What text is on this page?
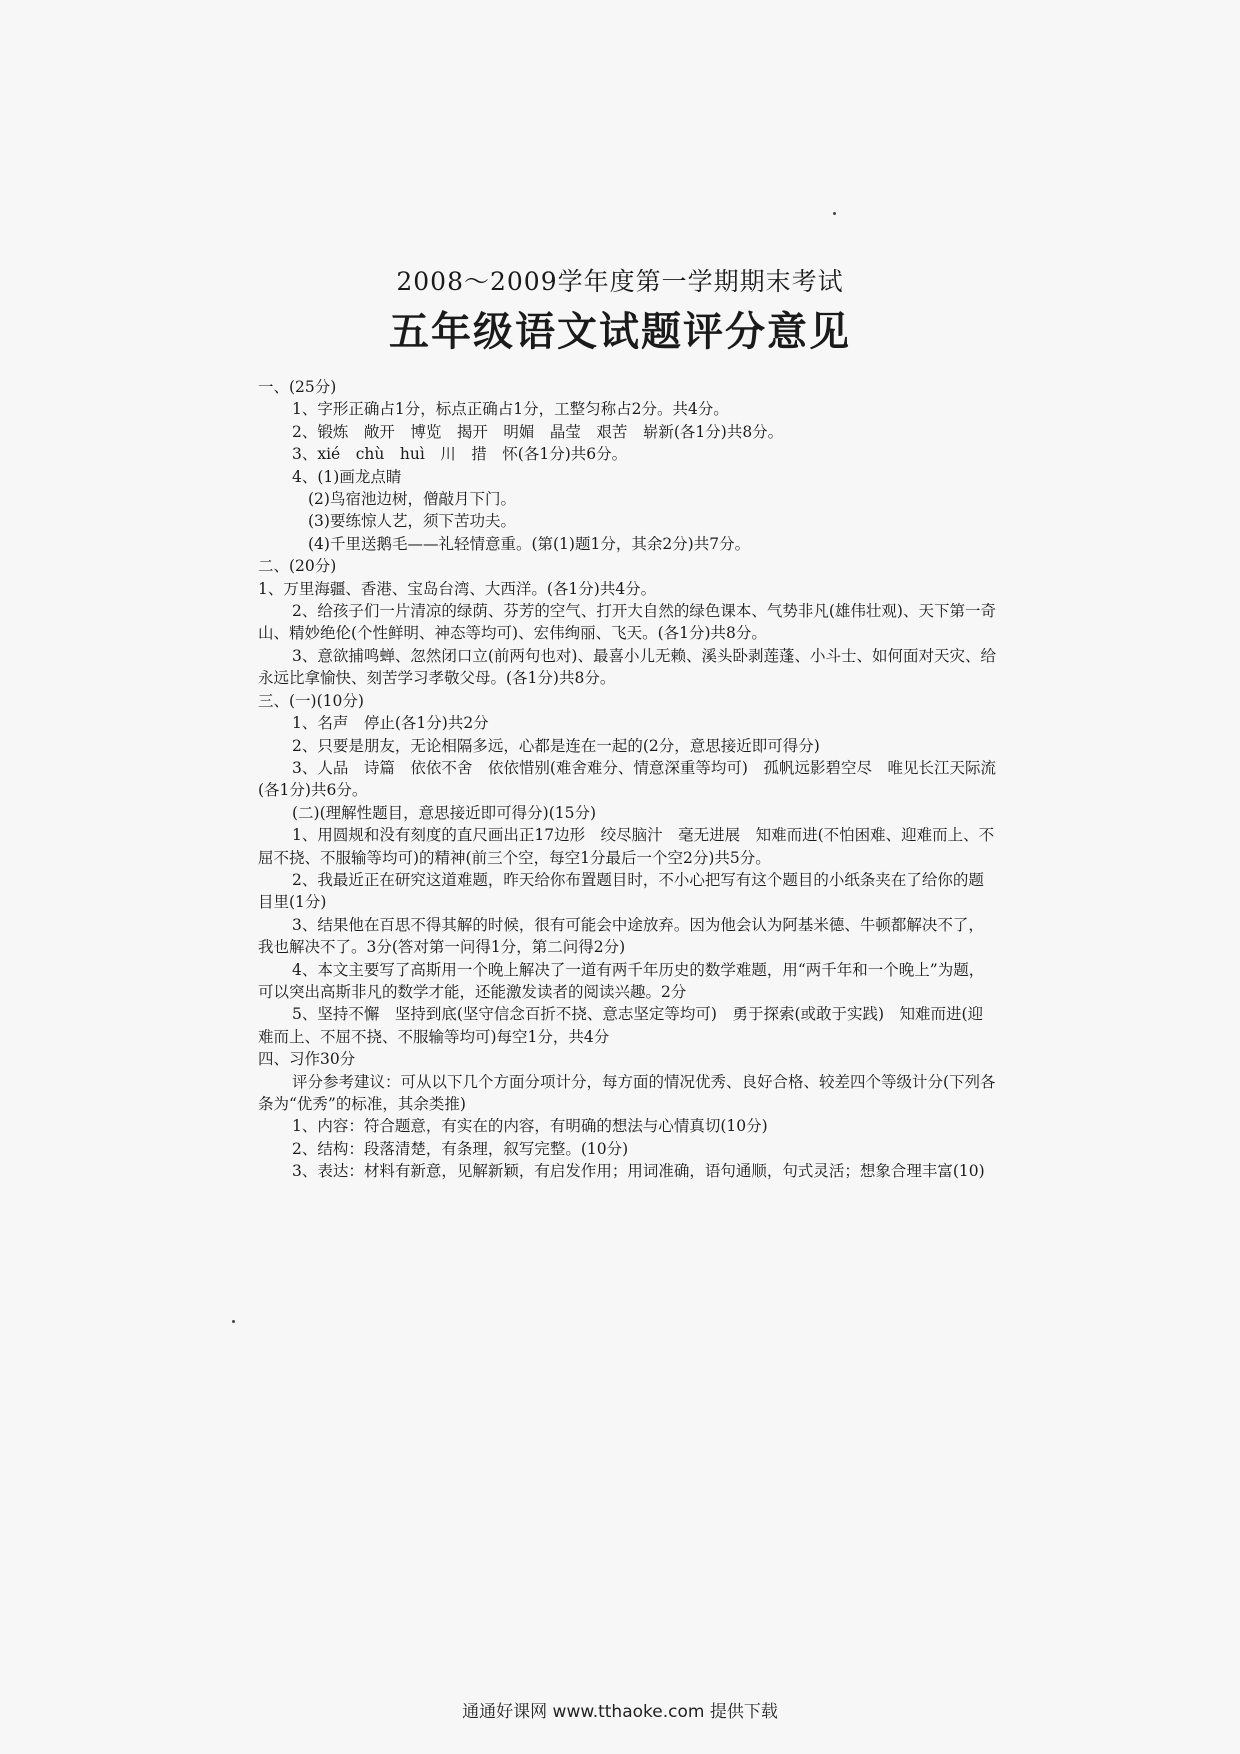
2008～2009学年度第一学期期末考试
五年级语文试题评分意见

一、(25分)

1、字形正确占1分，标点正确占1分，工整匀称占2分。共4分。

2、锻炼　敞开　博览　揭开　明媚　晶莹　艰苦　崭新(各1分)共8分。

3、xié　chù　huì　川　措　怀(各1分)共6分。

4、(1)画龙点睛

(2)鸟宿池边树，僧敲月下门。

(3)要练惊人艺，须下苦功夫。

(4)千里送鹅毛——礼轻情意重。(第(1)题1分，其余2分)共7分。

二、(20分)

1、万里海疆、香港、宝岛台湾、大西洋。(各1分)共4分。

2、给孩子们一片清凉的绿荫、芬芳的空气、打开大自然的绿色课本、气势非凡(雄伟壮观)、天下第一奇山、精妙绝伦(个性鲜明、神态等均可)、宏伟绚丽、飞天。(各1分)共8分。

3、意欲捕鸣蝉、忽然闭口立(前两句也对)、最喜小儿无赖、溪头卧剥莲蓬、小斗士、如何面对天灾、给永远比拿愉快、刻苦学习孝敬父母。(各1分)共8分。

三、(一)(10分)

1、名声　停止(各1分)共2分

2、只要是朋友，无论相隔多远，心都是连在一起的(2分，意思接近即可得分)

3、人品　诗篇　依依不舍　依依惜别(难舍难分、情意深重等均可)　孤帆远影碧空尽　唯见长江天际流(各1分)共6分。

(二)(理解性题目，意思接近即可得分)(15分)

1、用圆规和没有刻度的直尺画出正17边形　绞尽脑汁　毫无进展　知难而进(不怕困难、迎难而上、不屈不挠、不服输等均可)的精神(前三个空，每空1分最后一个空2分)共5分。

2、我最近正在研究这道难题，昨天给你布置题目时，不小心把写有这个题目的小纸条夹在了给你的题目里(1分)

3、结果他在百思不得其解的时候，很有可能会中途放弃。因为他会认为阿基米德、牛顿都解决不了，我也解决不了。3分(答对第一问得1分，第二问得2分)

4、本文主要写了高斯用一个晚上解决了一道有两千年历史的数学难题，用“两千年和一个晚上”为题，可以突出高斯非凡的数学才能，还能激发读者的阅读兴趣。2分

5、坚持不懈　坚持到底(坚守信念百折不挠、意志坚定等均可)　勇于探索(或敢于实践)　知难而进(迎难而上、不屈不挠、不服输等均可)每空1分，共4分

四、习作30分

评分参考建议：可从以下几个方面分项计分，每方面的情况优秀、良好合格、较差四个等级计分(下列各条为“优秀”的标准，其余类推)

1、内容：符合题意，有实在的内容，有明确的想法与心情真切(10分)

2、结构：段落清楚，有条理，叙写完整。(10分)

3、表达：材料有新意，见解新颖，有启发作用；用词准确，语句通顺，句式灵活；想象合理丰富(10)

通通好课网 www.tthaoke.com 提供下载
